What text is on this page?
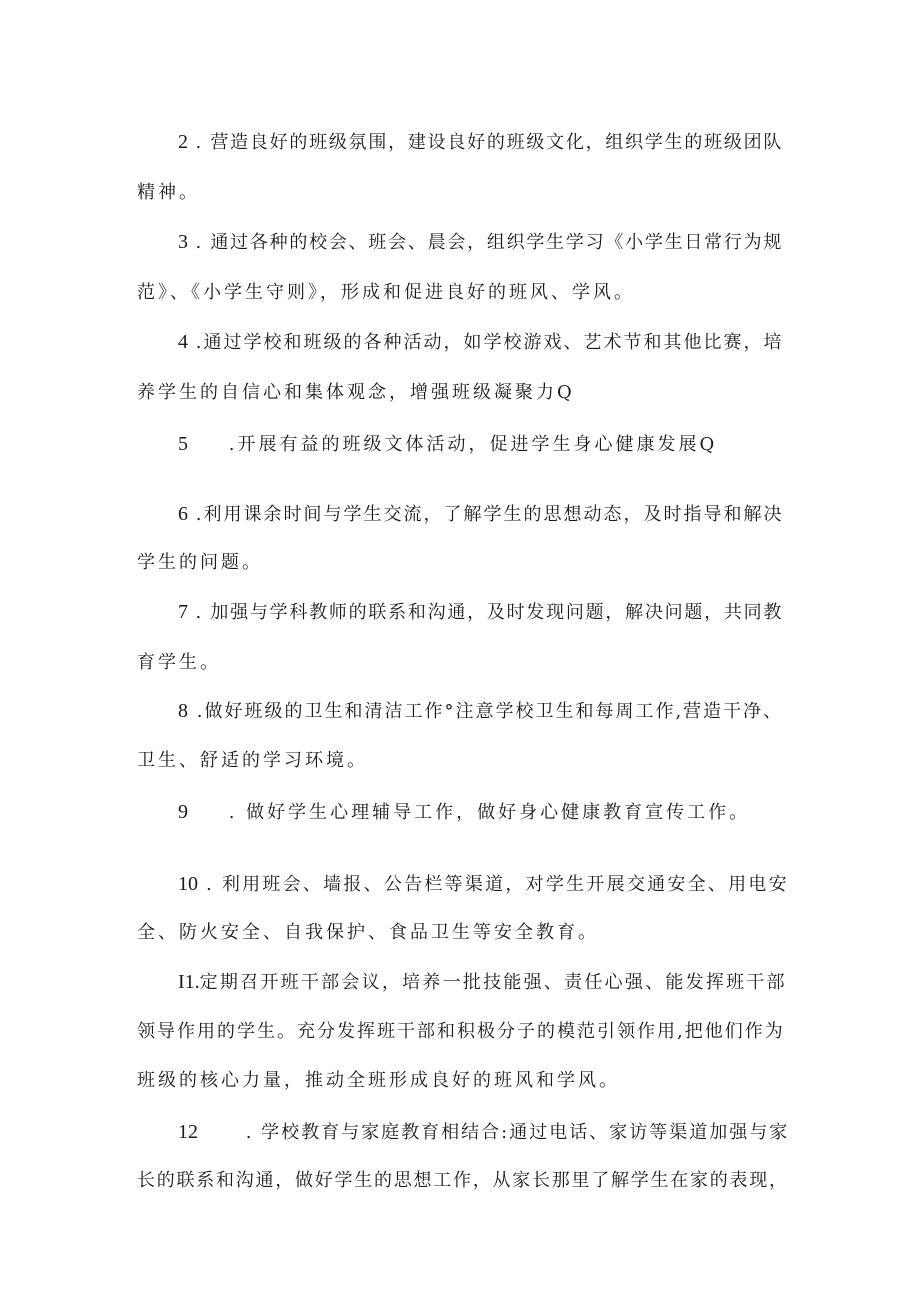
2 . 营造良好的班级氛围，建设良好的班级文化，组织学生的班级团队
精神。
3 . 通过各种的校会、班会、晨会，组织学生学习《小学生日常行为规
范》、《小学生守则》，形成和促进良好的班风、学风。
4 .通过学校和班级的各种活动，如学校游戏、艺术节和其他比赛，培
养学生的自信心和集体观念，增强班级凝聚力Q
5 .开展有益的班级文体活动，促进学生身心健康发展Q
6 .利用课余时间与学生交流，了解学生的思想动态，及时指导和解决
学生的问题。
7 . 加强与学科教师的联系和沟通，及时发现问题，解决问题，共同教
育学生。
8 .做好班级的卫生和清洁工作°注意学校卫生和每周工作,营造干净、
卫生、舒适的学习环境。
9 . 做好学生心理辅导工作，做好身心健康教育宣传工作。
10 . 利用班会、墙报、公告栏等渠道，对学生开展交通安全、用电安
全、防火安全、自我保护、食品卫生等安全教育。
I1.定期召开班干部会议，培养一批技能强、责任心强、能发挥班干部
领导作用的学生。充分发挥班干部和积极分子的模范引领作用,把他们作为
班级的核心力量，推动全班形成良好的班风和学风。
12	. 学校教育与家庭教育相结合:通过电话、家访等渠道加强与家
长的联系和沟通，做好学生的思想工作，从家长那里了解学生在家的表现，
